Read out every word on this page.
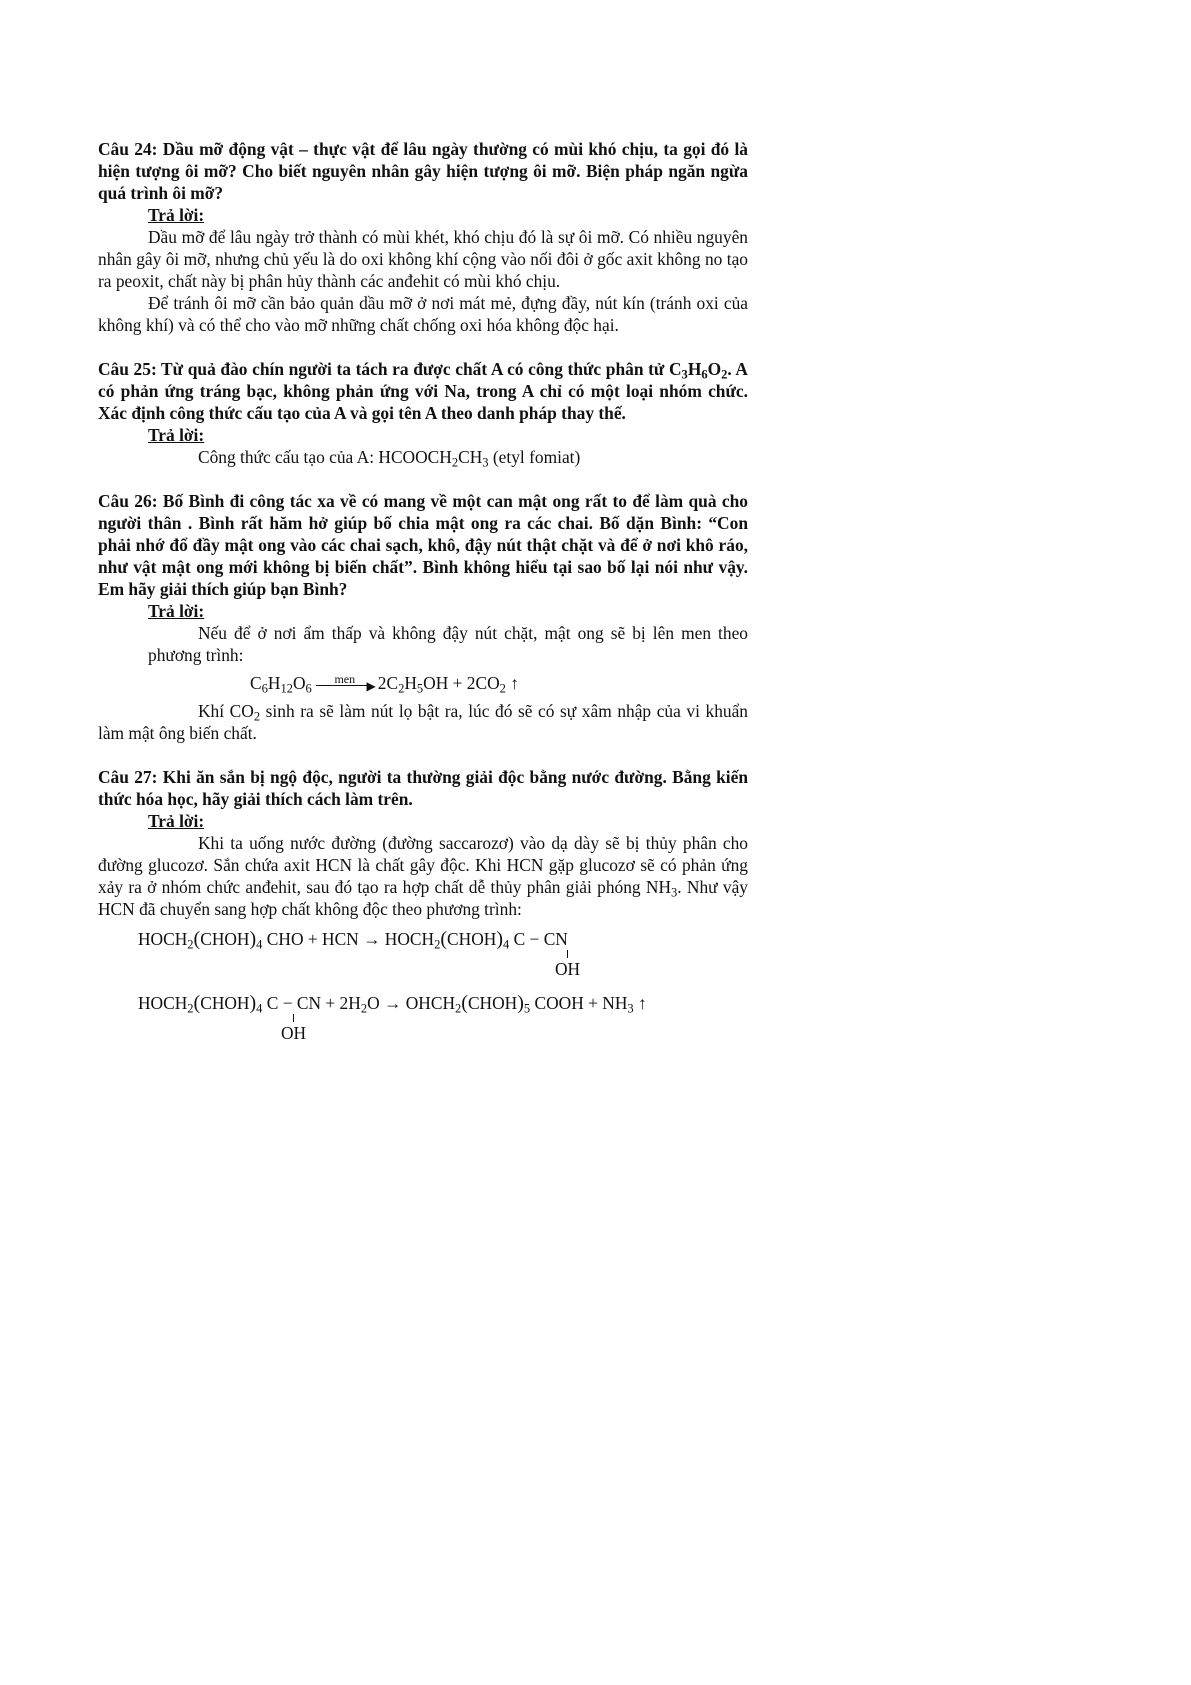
Câu 24: Dầu mỡ động vật – thực vật để lâu ngày thường có mùi khó chịu, ta gọi đó là hiện tượng ôi mỡ? Cho biết nguyên nhân gây hiện tượng ôi mỡ. Biện pháp ngăn ngừa quá trình ôi mỡ?

Trả lời:

Dầu mỡ để lâu ngày trở thành có mùi khét, khó chịu đó là sự ôi mỡ. Có nhiều nguyên nhân gây ôi mỡ, nhưng chủ yếu là do oxi không khí cộng vào nối đôi ở gốc axit không no tạo ra peoxit, chất này bị phân hủy thành các anđehit có mùi khó chịu.

Để tránh ôi mỡ cần bảo quản dầu mỡ ở nơi mát mẻ, đựng đầy, nút kín (tránh oxi của không khí) và có thể cho vào mỡ những chất chống oxi hóa không độc hại.

Câu 25: Từ quả đào chín người ta tách ra được chất A có công thức phân tử $C_3H_6O_2$. A có phản ứng tráng bạc, không phản ứng với Na, trong A chỉ có một loại nhóm chức. Xác định công thức cấu tạo của A và gọi tên A theo danh pháp thay thế.

Trả lời:

Công thức cấu tạo của A: $HCOOCH_2CH_3$ (etyl fomiat)

Câu 26: Bố Bình đi công tác xa về có mang về một can mật ong rất to để làm quà cho người thân . Bình rất hăm hở giúp bố chia mật ong ra các chai. Bố dặn Bình: “Con phải nhớ đổ đầy mật ong vào các chai sạch, khô, đậy nút thật chặt và để ở nơi khô ráo, như vật mật ong mới không bị biến chất”. Bình không hiểu tại sao bố lại nói như vậy. Em hãy giải thích giúp bạn Bình?

Trả lời:

Nếu để ở nơi ẩm thấp và không đậy nút chặt, mật ong sẽ bị lên men theo phương trình:

$C_6H_{12}O_6$
men ▶ $2C_2H_5OH + 2CO_2$ ↑

Khí $CO_2$ sinh ra sẽ làm nút lọ bật ra, lúc đó sẽ có sự xâm nhập của vi khuẩn làm mật ông biến chất.

Câu 27: Khi ăn sắn bị ngộ độc, người ta thường giải độc bằng nước đường. Bằng kiến thức hóa học, hãy giải thích cách làm trên.

Trả lời:

Khi ta uống nước đường (đường saccarozơ) vào dạ dày sẽ bị thủy phân cho đường glucozơ. Sắn chứa axit HCN là chất gây độc. Khi HCN gặp glucozơ sẽ có phản ứng xảy ra ở nhóm chức anđehit, sau đó tạo ra hợp chất dễ thủy phân giải phóng $NH_3$. Như vậy HCN đã chuyển sang hợp chất không độc theo phương trình:

$HOCH_2(CHOH)_4$ CHO + HCN → $HOCH_2(CHOH)_4$ C − CN
OH
$HOCH_2(CHOH)_4$ C − CN + $2H_2O$ → $OHCH_2(CHOH)_5$ COOH + $NH_3$ ↑
OH
